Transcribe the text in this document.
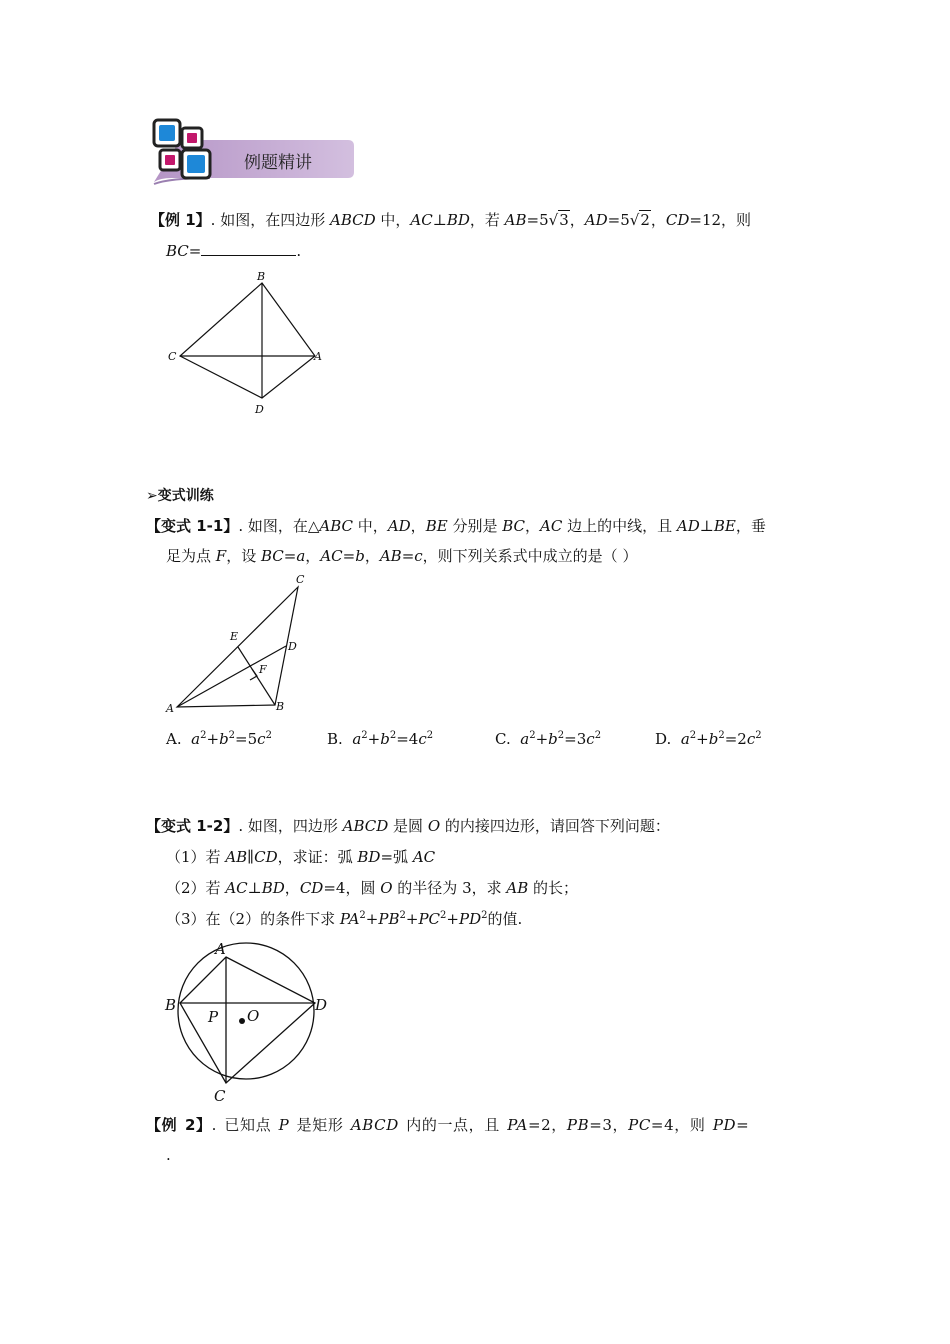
例题精讲
【例 1】. 如图，在四边形 ABCD 中，AC⊥BD，若 AB=5√3，AD=5√2，CD=12，则
BC=	.
B
C	A
D
➢变式训练
【变式 1-1】. 如图，在△ABC 中，AD，BE 分别是 BC，AC 边上的中线，且 AD⊥BE，垂
足为点 F，设 BC=a，AC=b，AB=c，则下列关系式中成立的是（ ）
C
E
D
F
A	B
A. $a^2+b^2=5c^2$	B. $a^2+b^2=4c^2$	C. $a^2+b^2=3c^2$	D. $a^2+b^2=2c^2$
【变式 1-2】. 如图，四边形 ABCD 是圆 O 的内接四边形，请回答下列问题：
（1）若 AB∥CD，求证：弧 BD=弧 AC
（2）若 AC⊥BD，CD=4，圆 O 的半径为 3，求 AB 的长；
（3）在（2）的条件下求 $PA^2+PB^2+PC^2+PD^2$的值.
A
B	D
P O
C
【例 2】. 已知点 P 是矩形 ABCD 内的一点，且 PA=2，PB=3，PC=4，则 PD=
.
